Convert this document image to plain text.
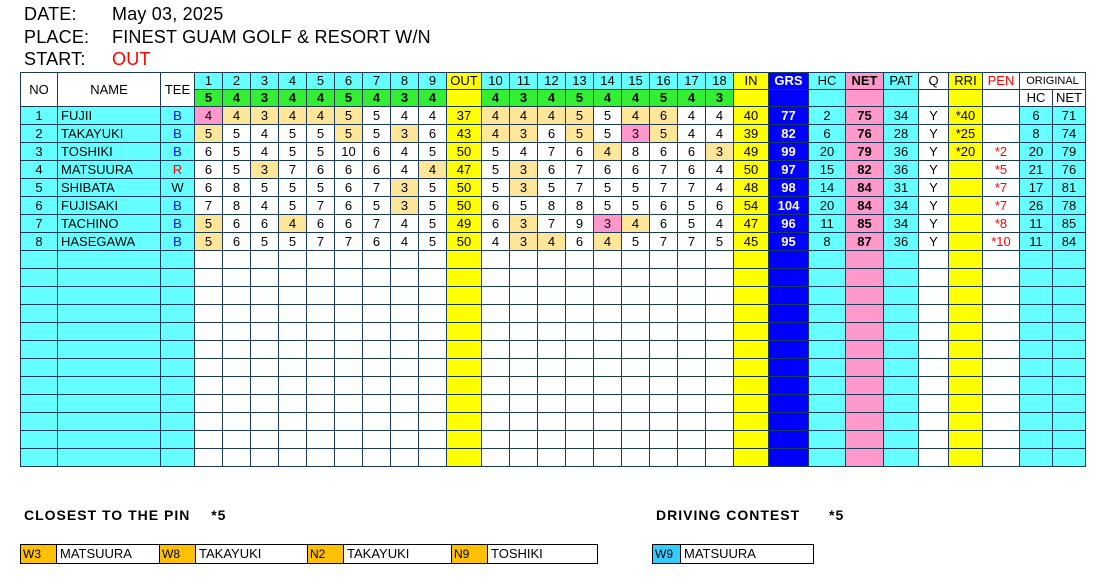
DATE: May 03, 2025
PLACE: FINEST GUAM GOLF & RESORT W/N
START: OUT
NO	NAME	TEE	1	2	3	4	5	6	7	8	9	OUT	10	11	12	13	14	15	16	17	18	IN	GRS	HC	NET	PAT	Q	RRI	PEN	ORIGINAL	
			5	4	3	4	4	5	4	3	4		4	3	4	5	4	4	5	4	3									HC	NET
1	FUJII	B	4	4	3	4	4	5	5	4	4	37	4	4	4	5	5	4	6	4	4	40	77	2	75	34	Y	*40		6	71
2	TAKAYUKI	B	5	5	4	5	5	5	5	3	6	43	4	3	6	5	5	3	5	4	4	39	82	6	76	28	Y	*25		8	74
3	TOSHIKI	B	6	5	4	5	5	10	6	4	5	50	5	4	7	6	4	8	6	6	3	49	99	20	79	36	Y	*20	*2	20	79
4	MATSUURA	R	6	5	3	7	6	6	6	4	4	47	5	3	6	7	6	6	7	6	4	50	97	15	82	36	Y		*5	21	76
5	SHIBATA	W	6	8	5	5	5	6	7	3	5	50	5	3	5	7	5	5	7	7	4	48	98	14	84	31	Y		*7	17	81
6	FUJISAKI	B	7	8	4	5	7	6	5	3	5	50	6	5	8	8	5	5	6	5	6	54	104	20	84	34	Y		*7	26	78
7	TACHINO	B	5	6	6	4	6	6	7	4	5	49	6	3	7	9	3	4	6	5	4	47	96	11	85	34	Y		*8	11	85
8	HASEGAWA	B	5	6	5	5	7	7	6	4	5	50	4	3	4	6	4	5	7	7	5	45	95	8	87	36	Y		*10	11	84

CLOSEST TO THE PIN *5	DRIVING CONTEST *5
W3	MATSUURA	W8	TAKAYUKI	N2	TAKAYUKI	N9	TOSHIKI	W9 MATSUURA
